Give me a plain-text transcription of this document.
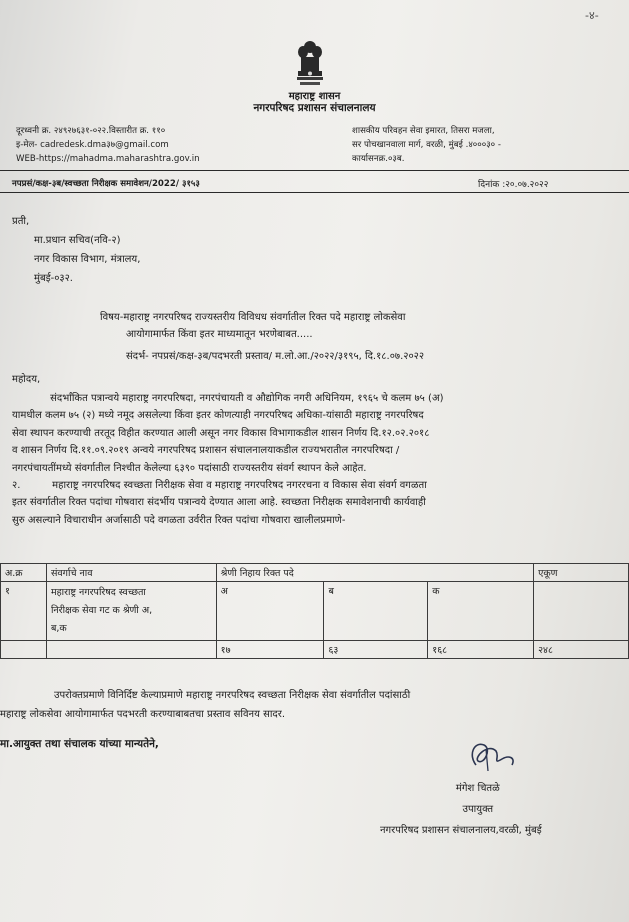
-४-
महाराष्ट्र शासन
नगरपरिषद प्रशासन संचालनालय
दूरध्वनी क्र. २४९२७६३१-०२२.विस्तारीत क्र. ११०
इ-मेल- cadredesk.dma३७@gmail.com
WEB-https://mahadma.maharashtra.gov.in
शासकीय परिवहन सेवा इमारत, तिसरा मजला,
सर पोचखानवाला मार्ग, वरळी, मुंबई .४०००३० -
कार्यासनक्र.०३ब.
नपप्रसं/कक्ष-३ब/स्वच्छता निरीक्षक समावेशन/2022/ ३१५३	दिनांक :२०.०७.२०२२
प्रती,
मा.प्रधान सचिव(नवि-२)
नगर विकास विभाग, मंत्रालय,
मुंबई-०३२.
विषय-महाराष्ट्र नगरपरिषद राज्यस्तरीय विविधध संवर्गातील रिक्त पदे महाराष्ट्र लोकसेवा
आयोगामार्फत किंवा इतर माध्यमातून भरणेबाबत.....
संदर्भ- नपप्रसं/कक्ष-३ब/पदभरती प्रस्ताव/ म.लो.आ./२०२२/३१९५, दि.१८.०७.२०२२
महोदय,
संदर्भांकित पत्रान्वये महाराष्ट्र नगरपरिषदा, नगरपंचायती व औद्योगिक नगरी अधिनियम, १९६५ चे कलम ७५ (अ)
यामधील कलम ७५ (२) मध्ये नमूद असलेल्या किंवा इतर कोणत्याही नगरपरिषद अधिका-यांसाठी महाराष्ट्र नगरपरिषद
सेवा स्थापन करण्याची तरतूद विहीत करण्यात आली असून नगर विकास विभागाकडील शासन निर्णय दि.१२.०२.२०१८
व शासन निर्णय दि.११.०९.२०१९ अन्वये नगरपरिषद प्रशासन संचालनालयाकडील राज्यभरातील नगरपरिषदा /
नगरपंचायतींमध्ये संवर्गातील निश्चीत केलेल्या ६३९० पदांसाठी राज्यस्तरीय संवर्ग स्थापन केले आहेत.
२.          महाराष्ट्र नगरपरिषद स्वच्छता निरीक्षक सेवा व महाराष्ट्र नगरपरिषद नगररचना व विकास सेवा संवर्ग वगळता
इतर संवर्गातील रिक्त पदांचा गोषवारा संदर्भीय पत्रान्वये देण्यात आला आहे. स्वच्छता निरीक्षक समावेशनाची कार्यवाही
सुरु असल्याने विचाराधीन अर्जासाठी पदे वगळता उर्वरीत रिक्त पदांचा गोषवारा खालीलप्रमाणे-
अ.क्र	संवर्गाचे नाव	श्रेणी निहाय रिक्त पदे			एकूण
१	महाराष्ट्र नगरपरिषद स्वच्छता
निरीक्षक सेवा गट क श्रेणी अ,
ब,क	अ	ब	क	
		१७	६३	१६८	२४८
उपरोक्तप्रमाणे विनिर्दिष्ट केल्याप्रमाणे महाराष्ट्र नगरपरिषद स्वच्छता निरीक्षक सेवा संवर्गातील पदांसाठी
महाराष्ट्र लोकसेवा आयोगामार्फत पदभरती करण्याबाबतचा प्रस्ताव सविनय सादर.
मा.आयुक्त तथा संचालक यांच्या मान्यतेने,
मंगेश चितळे
उपायुक्त
नगरपरिषद प्रशासन संचालनालय,वरळी, मुंबई
